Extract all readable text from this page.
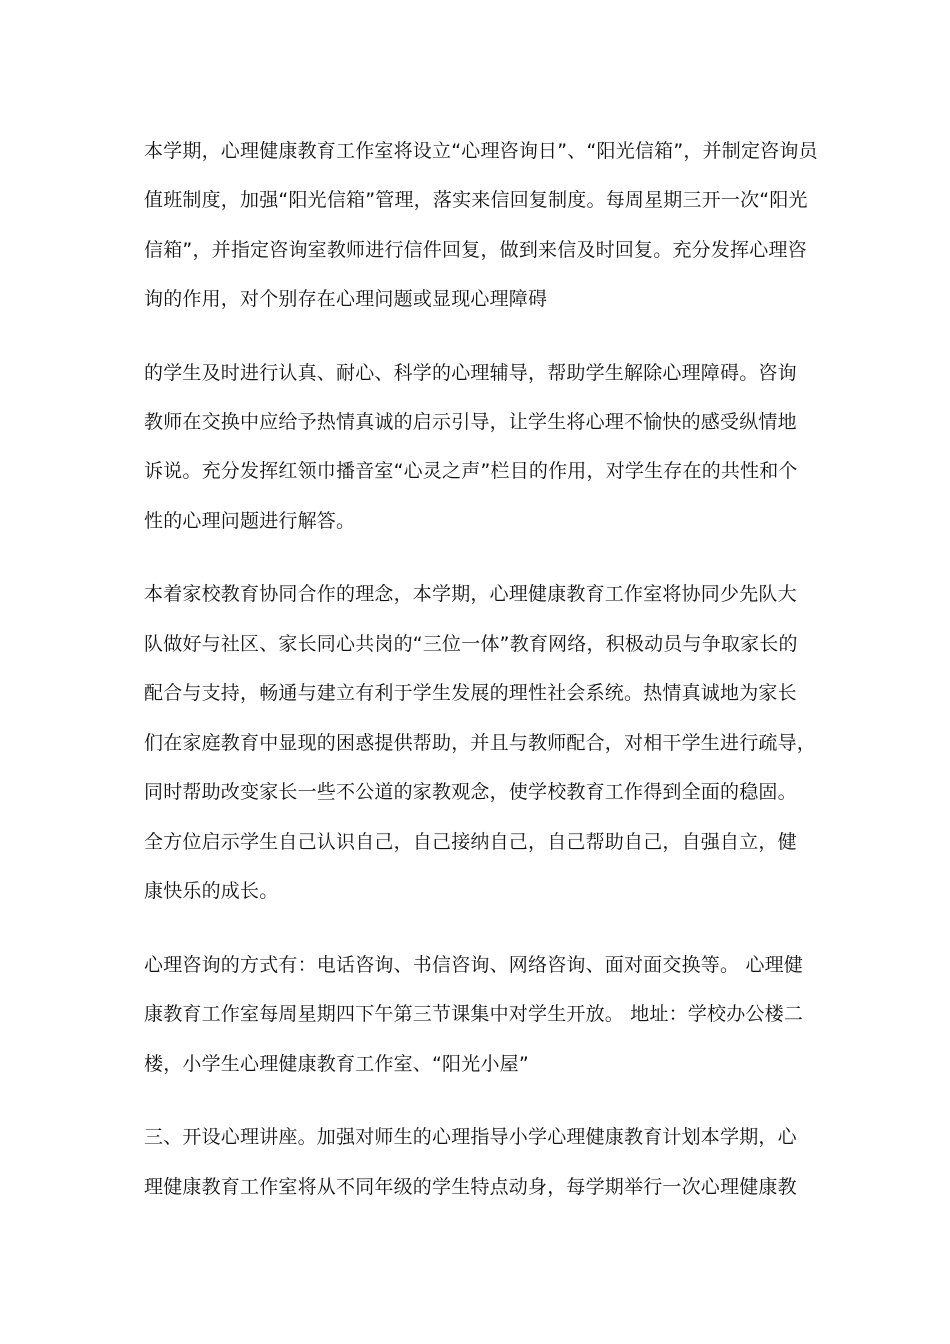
本学期，心理健康教育工作室将设立“心理咨询日”、“阳光信箱”，并制定咨询员
值班制度，加强“阳光信箱”管理，落实来信回复制度。每周星期三开一次“阳光
信箱”，并指定咨询室教师进行信件回复，做到来信及时回复。充分发挥心理咨
询的作用，对个别存在心理问题或显现心理障碍
的学生及时进行认真、耐心、科学的心理辅导，帮助学生解除心理障碍。咨询
教师在交换中应给予热情真诚的启示引导，让学生将心理不愉快的感受纵情地
诉说。充分发挥红领巾播音室“心灵之声”栏目的作用，对学生存在的共性和个
性的心理问题进行解答。
本着家校教育协同合作的理念，本学期，心理健康教育工作室将协同少先队大
队做好与社区、家长同心共岗的“三位一体”教育网络，积极动员与争取家长的
配合与支持，畅通与建立有利于学生发展的理性社会系统。热情真诚地为家长
们在家庭教育中显现的困惑提供帮助，并且与教师配合，对相干学生进行疏导，
同时帮助改变家长一些不公道的家教观念，使学校教育工作得到全面的稳固。
全方位启示学生自己认识自己，自己接纳自己，自己帮助自己，自强自立，健
康快乐的成长。
心理咨询的方式有：电话咨询、书信咨询、网络咨询、面对面交换等。 心理健
康教育工作室每周星期四下午第三节课集中对学生开放。 地址：学校办公楼二
楼，小学生心理健康教育工作室、“阳光小屋”
三、开设心理讲座。加强对师生的心理指导小学心理健康教育计划本学期，心
理健康教育工作室将从不同年级的学生特点动身，每学期举行一次心理健康教
